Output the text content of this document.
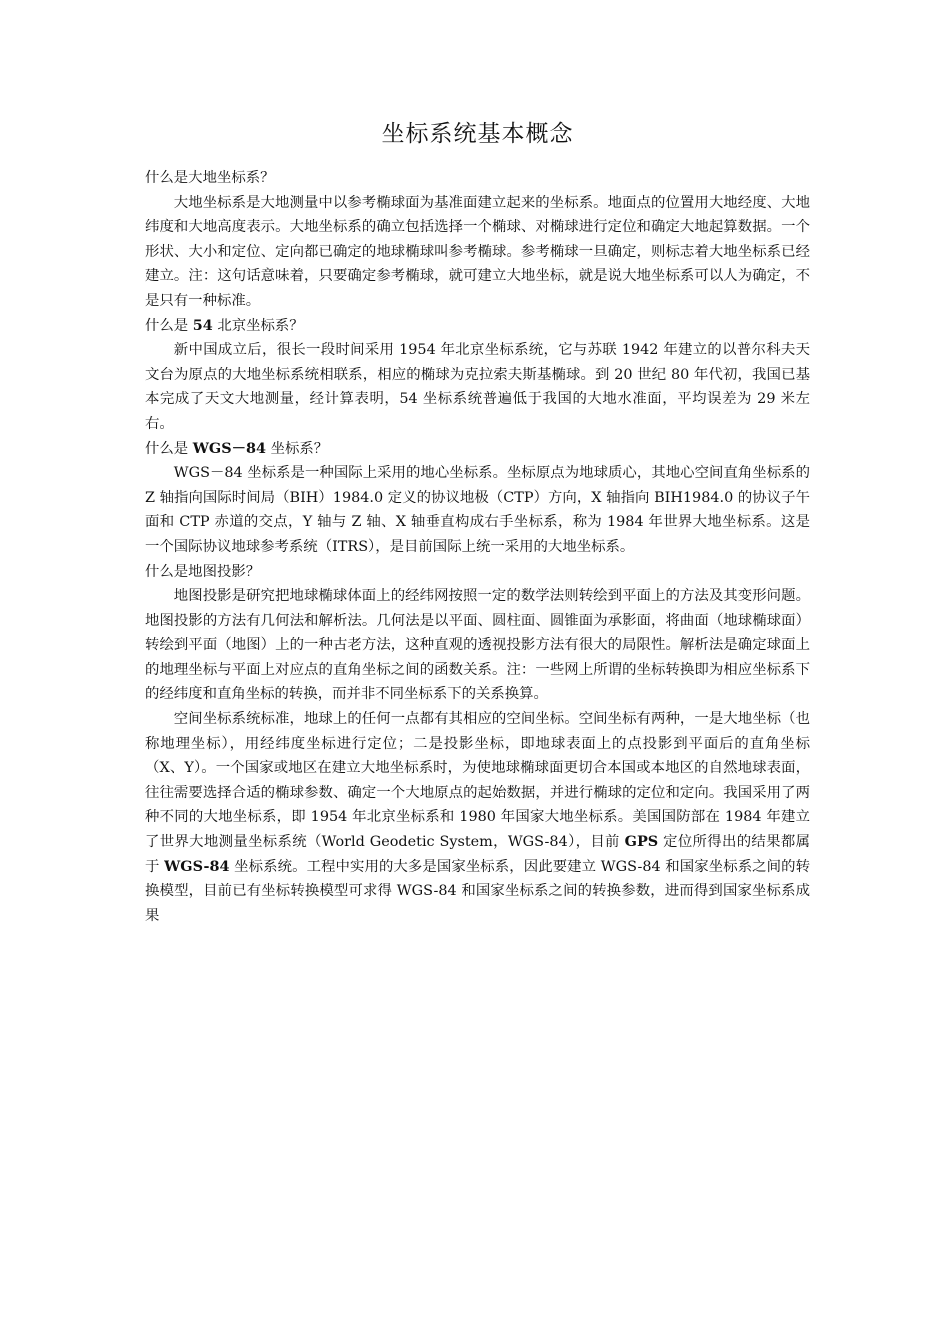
坐标系统基本概念

什么是大地坐标系？

大地坐标系是大地测量中以参考椭球面为基准面建立起来的坐标系。地面点的位置用大地经度、大地纬度和大地高度表示。大地坐标系的确立包括选择一个椭球、对椭球进行定位和确定大地起算数据。一个形状、大小和定位、定向都已确定的地球椭球叫参考椭球。参考椭球一旦确定，则标志着大地坐标系已经建立。注：这句话意味着，只要确定参考椭球，就可建立大地坐标，就是说大地坐标系可以人为确定，不是只有一种标准。

什么是 54 北京坐标系？

新中国成立后，很长一段时间采用 1954 年北京坐标系统，它与苏联 1942 年建立的以普尔科夫天文台为原点的大地坐标系统相联系，相应的椭球为克拉索夫斯基椭球。到 20 世纪 80 年代初，我国已基本完成了天文大地测量，经计算表明，54 坐标系统普遍低于我国的大地水准面，平均误差为 29 米左右。

什么是 WGS－84 坐标系？

WGS－84 坐标系是一种国际上采用的地心坐标系。坐标原点为地球质心，其地心空间直角坐标系的 Z 轴指向国际时间局（BIH）1984.0 定义的协议地极（CTP）方向，X 轴指向 BIH1984.0 的协议子午面和 CTP 赤道的交点，Y 轴与 Z 轴、X 轴垂直构成右手坐标系，称为 1984 年世界大地坐标系。这是一个国际协议地球参考系统（ITRS），是目前国际上统一采用的大地坐标系。

什么是地图投影？

地图投影是研究把地球椭球体面上的经纬网按照一定的数学法则转绘到平面上的方法及其变形问题。地图投影的方法有几何法和解析法。几何法是以平面、圆柱面、圆锥面为承影面，将曲面（地球椭球面）转绘到平面（地图）上的一种古老方法，这种直观的透视投影方法有很大的局限性。解析法是确定球面上的地理坐标与平面上对应点的直角坐标之间的函数关系。注：一些网上所谓的坐标转换即为相应坐标系下的经纬度和直角坐标的转换，而并非不同坐标系下的关系换算。

空间坐标系统标准，地球上的任何一点都有其相应的空间坐标。空间坐标有两种，一是大地坐标（也称地理坐标），用经纬度坐标进行定位；二是投影坐标，即地球表面上的点投影到平面后的直角坐标（X、Y）。一个国家或地区在建立大地坐标系时，为使地球椭球面更切合本国或本地区的自然地球表面，往往需要选择合适的椭球参数、确定一个大地原点的起始数据，并进行椭球的定位和定向。我国采用了两种不同的大地坐标系，即 1954 年北京坐标系和 1980 年国家大地坐标系。美国国防部在 1984 年建立了世界大地测量坐标系统（World Geodetic System，WGS-84），目前 GPS 定位所得出的结果都属于 WGS-84 坐标系统。工程中实用的大多是国家坐标系，因此要建立 WGS-84 和国家坐标系之间的转换模型，目前已有坐标转换模型可求得 WGS-84 和国家坐标系之间的转换参数，进而得到国家坐标系成果
